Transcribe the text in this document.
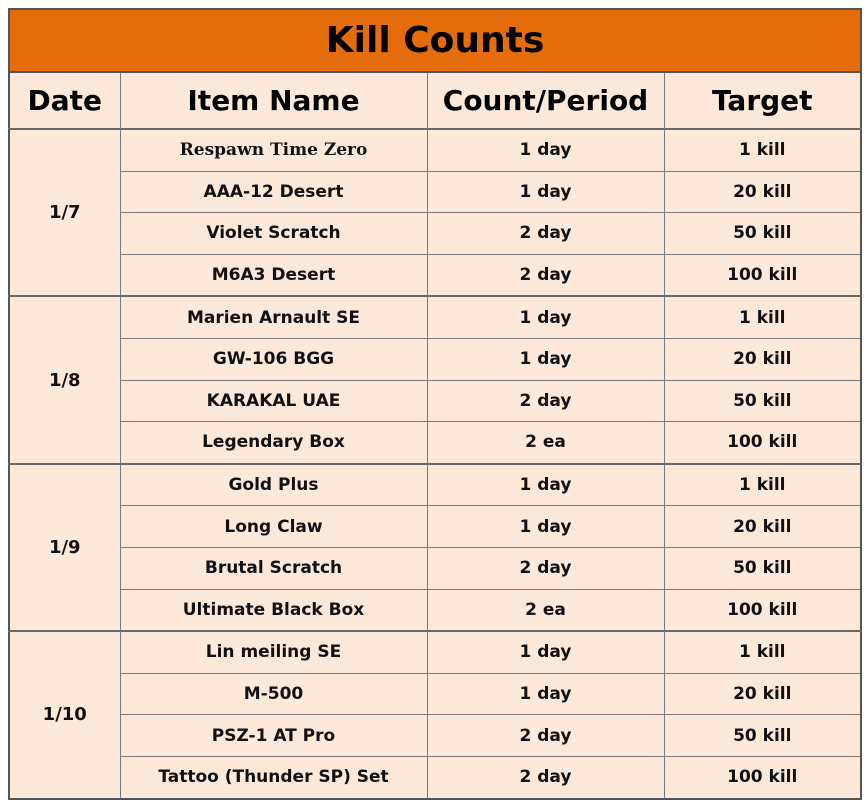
Kill Counts			
Date	Item Name	Count/Period	Target
1/7	Respawn Time Zero	1 day	1 kill
	AAA-12 Desert	1 day	20 kill
	Violet Scratch	2 day	50 kill
	M6A3 Desert	2 day	100 kill
1/8	Marien Arnault SE	1 day	1 kill
	GW-106 BGG	1 day	20 kill
	KARAKAL UAE	2 day	50 kill
	Legendary Box	2 ea	100 kill
1/9	Gold Plus	1 day	1 kill
	Long Claw	1 day	20 kill
	Brutal Scratch	2 day	50 kill
	Ultimate Black Box	2 ea	100 kill
1/10	Lin meiling SE	1 day	1 kill
	M-500	1 day	20 kill
	PSZ-1 AT Pro	2 day	50 kill
	Tattoo (Thunder SP) Set	2 day	100 kill
